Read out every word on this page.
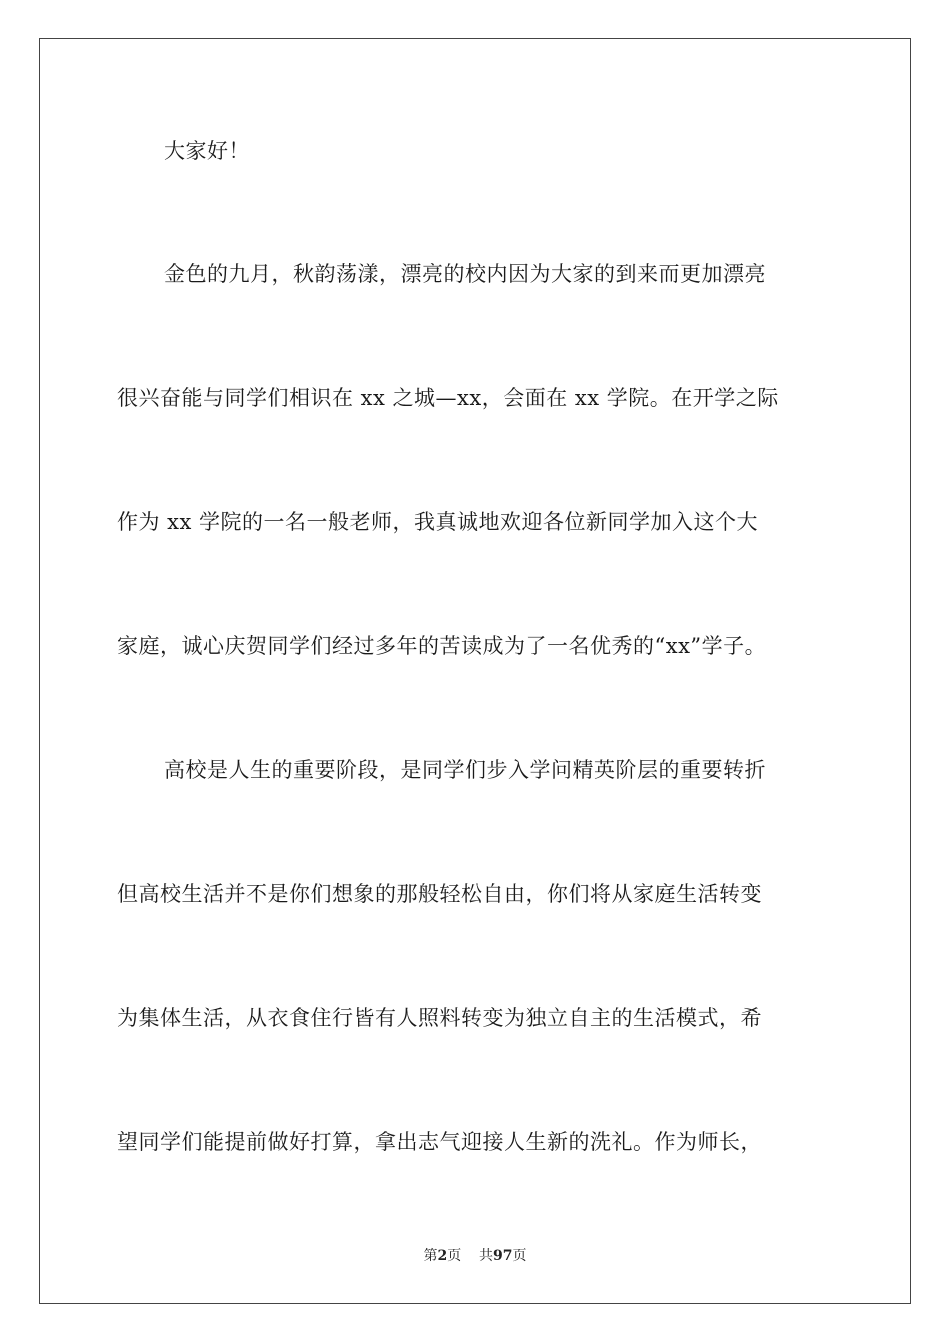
大家好！
金色的九月，秋韵荡漾，漂亮的校内因为大家的到来而更加漂亮
很兴奋能与同学们相识在 xx 之城—xx，会面在 xx 学院。在开学之际
作为 xx 学院的一名一般老师，我真诚地欢迎各位新同学加入这个大
家庭，诚心庆贺同学们经过多年的苦读成为了一名优秀的“xx”学子。
高校是人生的重要阶段，是同学们步入学问精英阶层的重要转折
但高校生活并不是你们想象的那般轻松自由，你们将从家庭生活转变
为集体生活，从衣食住行皆有人照料转变为独立自主的生活模式，希
望同学们能提前做好打算，拿出志气迎接人生新的洗礼。作为师长，
第2页 共97页
